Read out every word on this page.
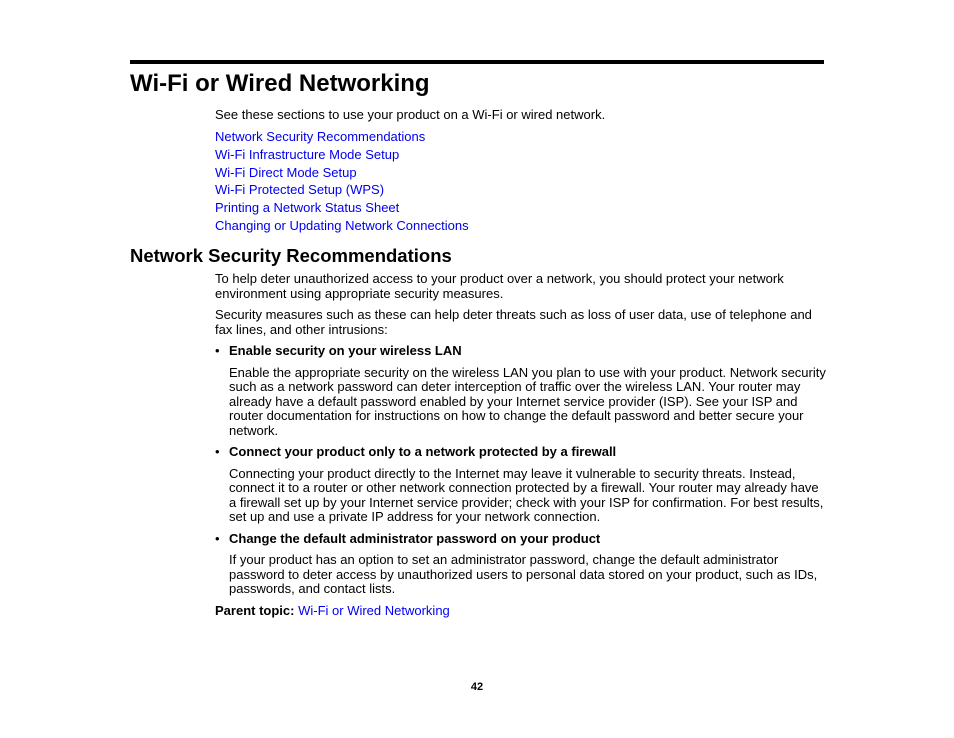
Wi-Fi or Wired Networking

See these sections to use your product on a Wi-Fi or wired network.

Network Security Recommendations
Wi-Fi Infrastructure Mode Setup
Wi-Fi Direct Mode Setup
Wi-Fi Protected Setup (WPS)
Printing a Network Status Sheet
Changing or Updating Network Connections
Network Security Recommendations

To help deter unauthorized access to your product over a network, you should protect your network environment using appropriate security measures.

Security measures such as these can help deter threats such as loss of user data, use of telephone and fax lines, and other intrusions:

• Enable security on your wireless LAN

Enable the appropriate security on the wireless LAN you plan to use with your product. Network security such as a network password can deter interception of traffic over the wireless LAN. Your router may already have a default password enabled by your Internet service provider (ISP). See your ISP and router documentation for instructions on how to change the default password and better secure your network.

• Connect your product only to a network protected by a firewall

Connecting your product directly to the Internet may leave it vulnerable to security threats. Instead, connect it to a router or other network connection protected by a firewall. Your router may already have a firewall set up by your Internet service provider; check with your ISP for confirmation. For best results, set up and use a private IP address for your network connection.

• Change the default administrator password on your product

If your product has an option to set an administrator password, change the default administrator password to deter access by unauthorized users to personal data stored on your product, such as IDs, passwords, and contact lists.

Parent topic: Wi-Fi or Wired Networking

42
